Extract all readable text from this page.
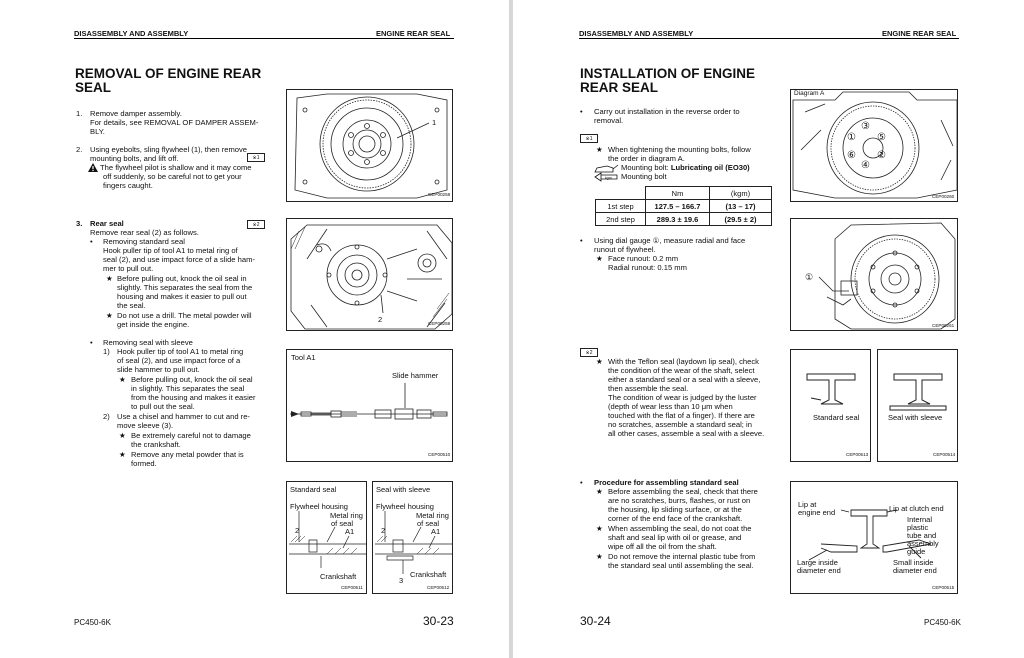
DISASSEMBLY AND ASSEMBLY	ENGINE REAR SEAL
REMOVAL OF ENGINE REAR
SEAL
1. Remove damper assembly.
For details, see REMOVAL OF DAMPER ASSEM-
BLY.
2. Using eyebolts, sling flywheel (1), then remove
mounting bolts, and lift off.	※1
The flywheel pilot is shallow and it may come
off suddenly, so be careful not to get your
fingers caught.
3. Rear seal	※2
Remove rear seal (2) as follows.
• Removing standard seal
Hook puller tip of tool A1 to metal ring of
seal (2), and use impact force of a slide ham-
mer to pull out.
★ Before pulling out, knock the oil seal in
slightly. This separates the seal from the
housing and makes it easier to pull out
the seal.
★ Do not use a drill. The metal powder will
get inside the engine.
• Removing seal with sleeve
1) Hook puller tip of tool A1 to metal ring
of seal (2), and use impact force of a
slide hammer to pull out.
★ Before pulling out, knock the oil seal
in slightly. This separates the seal
from the housing and makes it easier
to pull out the seal.
2) Use a chisel and hammer to cut and re-
move sleeve (3).
★ Be extremely careful not to damage
the crankshaft.
★ Remove any metal powder that is
formed.
1
CEP00258
2	CEP00259
Tool A1
Slide hammer
CEP00510
Standard seal
Flywheel housing
Metal ring
of seal
2	A1
Crankshaft
CEP00511
Seal with sleeve
Flywheel housing
Metal ring
of seal
2	A1
3
Crankshaft
CEP00512
PC450-6K	30-23
DISASSEMBLY AND ASSEMBLY	ENGINE REAR SEAL
INSTALLATION OF ENGINE
REAR SEAL
• Carry out installation in the reverse order to
removal.
※1
★ When tightening the mounting bolts, follow
the order in diagram A.
Mounting bolt: Lubricating oil (EO30)
kgm Mounting bolt
	Nm	(kgm)
1st step	127.5 – 166.7	(13 – 17)
2nd step	289.3 ± 19.6	(29.5 ± 2)
• Using dial gauge ①, measure radial and face
runout of flywheel.
★ Face runout: 0.2 mm
Radial runout: 0.15 mm
※2
★ With the Teflon seal (laydown lip seal), check
the condition of the wear of the shaft, select
either a standard seal or a seal with a sleeve,
then assemble the seal.
The condition of wear is judged by the luster
(depth of wear less than 10 μm when
touched with the flat of a finger). If there are
no scratches, assemble a standard seal; in
all other cases, assemble a seal with a sleeve.
• Procedure for assembling standard seal
★ Before assembling the seal, check that there
are no scratches, burrs, flashes, or rust on
the housing, lip sliding surface, or at the
corner of the end face of the crankshaft.
★ When assembling the seal, do not coat the
shaft and seal lip with oil or grease, and
wipe off all the oil from the shaft.
★ Do not remove the internal plastic tube from
the standard seal until assembling the seal.
Diagram A
③
⑤
①
②
⑥
④
CEP00260
①
CEP00261
Standard seal
CEP00513
Seal with sleeve
CEP00514
Lip at
engine end	Lip at clutch end
Internal
plastic
tube and
assembly
guide
Large inside
diameter end
Small inside
diameter end
CEP00515
30-24	PC450-6K
